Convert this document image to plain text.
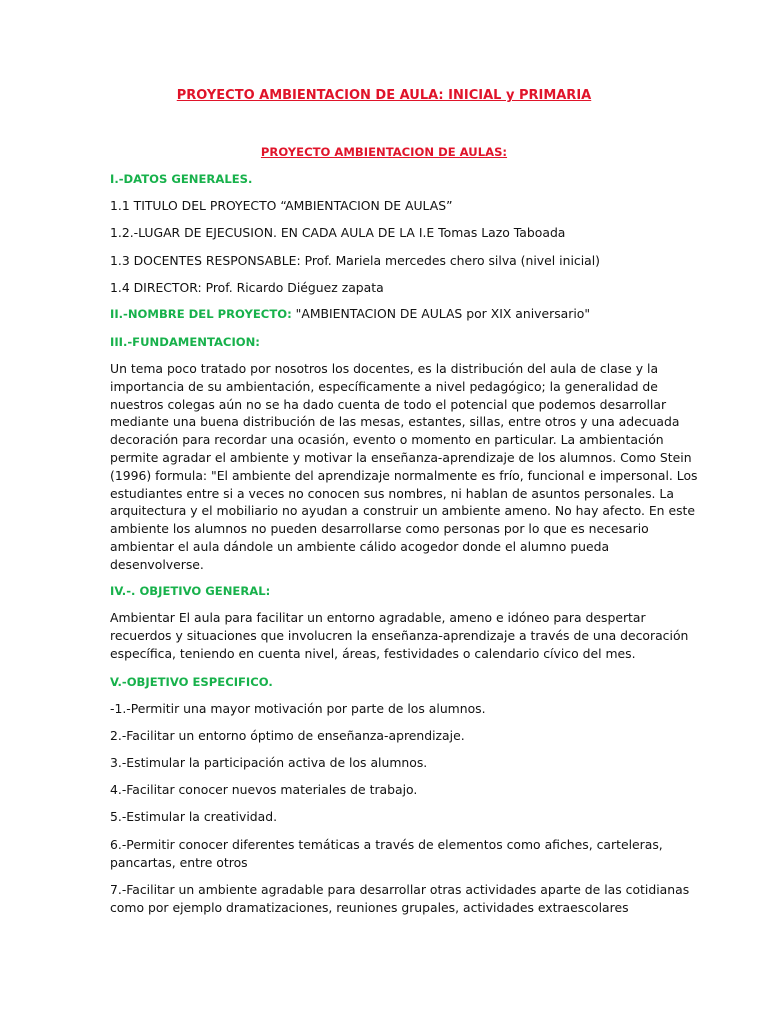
PROYECTO AMBIENTACION DE AULA: INICIAL y PRIMARIA
PROYECTO AMBIENTACION DE AULAS:
I.-DATOS GENERALES.
1.1 TITULO DEL PROYECTO “AMBIENTACION DE AULAS”
1.2.-LUGAR DE EJECUSION. EN CADA AULA DE LA I.E Tomas Lazo Taboada
1.3 DOCENTES RESPONSABLE: Prof. Mariela mercedes chero silva (nivel inicial)
1.4 DIRECTOR: Prof. Ricardo Diéguez zapata
II.-NOMBRE DEL PROYECTO: "AMBIENTACION DE AULAS por XIX aniversario"
III.-FUNDAMENTACION:
Un tema poco tratado por nosotros los docentes, es la distribución del aula de clase y la
importancia de su ambientación, específicamente a nivel pedagógico; la generalidad de
nuestros colegas aún no se ha dado cuenta de todo el potencial que podemos desarrollar
mediante una buena distribución de las mesas, estantes, sillas, entre otros y una adecuada
decoración para recordar una ocasión, evento o momento en particular. La ambientación
permite agradar el ambiente y motivar la enseñanza-aprendizaje de los alumnos. Como Stein
(1996) formula: "El ambiente del aprendizaje normalmente es frío, funcional e impersonal. Los
estudiantes entre si a veces no conocen sus nombres, ni hablan de asuntos personales. La
arquitectura y el mobiliario no ayudan a construir un ambiente ameno. No hay afecto. En este
ambiente los alumnos no pueden desarrollarse como personas por lo que es necesario
ambientar el aula dándole un ambiente cálido acogedor donde el alumno pueda
desenvolverse.
IV.-. OBJETIVO GENERAL:
Ambientar El aula para facilitar un entorno agradable, ameno e idóneo para despertar
recuerdos y situaciones que involucren la enseñanza-aprendizaje a través de una decoración
específica, teniendo en cuenta nivel, áreas, festividades o calendario cívico del mes.
V.-OBJETIVO ESPECIFICO.
-1.-Permitir una mayor motivación por parte de los alumnos.
2.-Facilitar un entorno óptimo de enseñanza-aprendizaje.
3.-Estimular la participación activa de los alumnos.
4.-Facilitar conocer nuevos materiales de trabajo.
5.-Estimular la creatividad.
6.-Permitir conocer diferentes temáticas a través de elementos como afiches, carteleras,
pancartas, entre otros
7.-Facilitar un ambiente agradable para desarrollar otras actividades aparte de las cotidianas
como por ejemplo dramatizaciones, reuniones grupales, actividades extraescolares
